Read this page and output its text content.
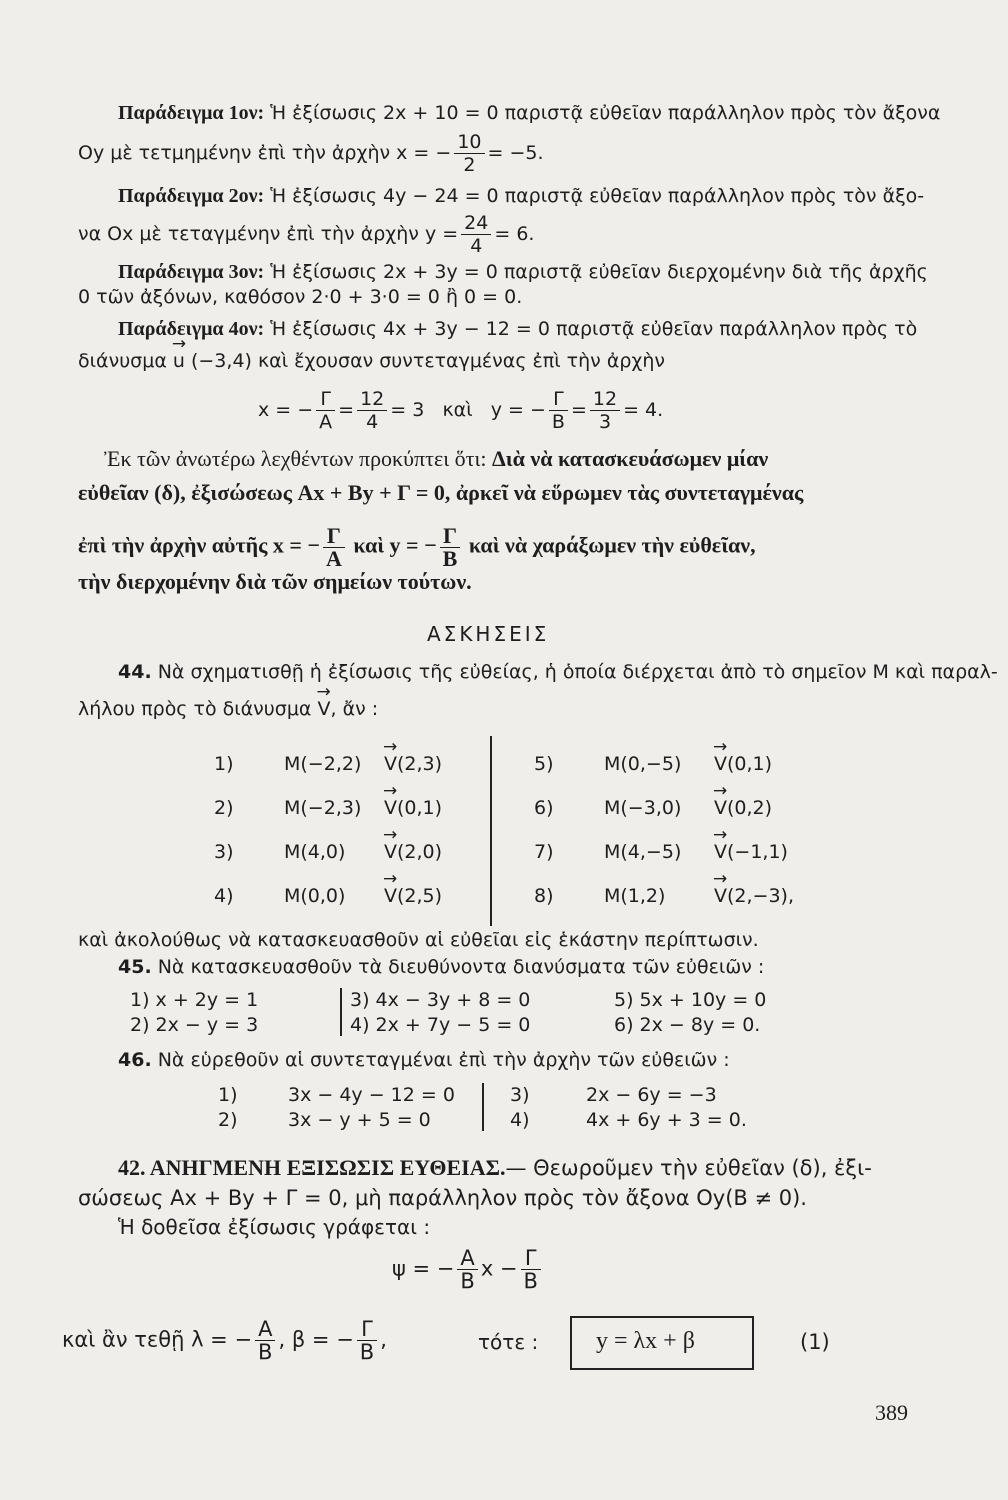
Παράδειγμα 1ον: Ἡ ἐξίσωσις 2x + 10 = 0 παριστᾷ εὐθεῖαν παράλληλον πρὸς τὸν ἄξονα
Oy μὲ τετμημένην ἐπὶ τὴν ἀρχὴν x = − $\frac{10}{2} = -5$.
Παράδειγμα 2ον: Ἡ ἐξίσωσις 4y − 24 = 0 παριστᾷ εὐθεῖαν παράλληλον πρὸς τὸν ἄξο-
να Ox μὲ τεταγμένην ἐπὶ τὴν ἀρχὴν $y = \frac{24}{4} = 6$.
Παράδειγμα 3ον: Ἡ ἐξίσωσις 2x + 3y = 0 παριστᾷ εὐθεῖαν διερχομένην διὰ τῆς ἀρχῆς
0 τῶν ἀξόνων, καθόσον 2·0 + 3·0 = 0 ἢ 0 = 0.
Παράδειγμα 4ον: Ἡ ἐξίσωσις 4x + 3y − 12 = 0 παριστᾷ εὐθεῖαν παράλληλον πρὸς τὸ
διάνυσμα → u (−3,4) καὶ ἔχουσαν συντεταγμένας ἐπὶ τὴν ἀρχὴν
x = − $\frac{\Gamma}{A} = \frac{12}{4} = 3$ καὶ y = − $\frac{\Gamma}{B} = \frac{12}{3} = 4$.
Ἐκ τῶν ἀνωτέρω λεχθέντων προκύπτει ὅτι: Διὰ νὰ κατασκευάσωμεν μίαν
εὐθεῖαν (δ), ἐξισώσεως Ax + By + Γ = 0, ἀρκεῖ νὰ εὕρωμεν τὰς συντεταγμένας
ἐπὶ τὴν ἀρχὴν αὐτῆς x = − $\frac{\Gamma}{A}$ καὶ y = − $\frac{\Gamma}{B}$ καὶ νὰ χαράξωμεν τὴν εὐθεῖαν,
τὴν διερχομένην διὰ τῶν σημείων τούτων.
ΑΣΚΗΣΕΙΣ
44. Νὰ σχηματισθῇ ἡ ἐξίσωσις τῆς εὐθείας, ἡ ὁποία διέρχεται ἀπὸ τὸ σημεῖον M καὶ παραλ-
λήλου πρὸς τὸ διάνυσμα → V, ἄν :
1)	M(−2,2) → V(2,3)
2)	M(−2,3) → V(0,1)
3)	M(4,0) → V(2,0)
4)	M(0,0) → V(2,5)
5)	M(0,−5) → V(0,1)
6)	M(−3,0) → V(0,2)
7)	M(4,−5) → V(−1,1)
8)	M(1,2)	→ V(2,−3),
καὶ ἀκολούθως νὰ κατασκευασθοῦν αἱ εὐθεῖαι εἰς ἑκάστην περίπτωσιν.
45. Νὰ κατασκευασθοῦν τὰ διευθύνοντα διανύσματα τῶν εὐθειῶν :
1) x + 2y = 1	3) 4x − 3y + 8 = 0	5) 5x + 10y = 0
2) 2x − y = 3	4) 2x + 7y − 5 = 0	6) 2x − 8y = 0.
46. Νὰ εὑρεθοῦν αἱ συντεταγμέναι ἐπὶ τὴν ἀρχὴν τῶν εὐθειῶν :
1)	3x − 4y − 12 = 0	3)	2x − 6y = −3
2)	3x − y + 5 = 0	4)	4x + 6y + 3 = 0.
42. ΑΝΗΓΜΕΝΗ ΕΞΙΣΩΣΙΣ ΕΥΘΕΙΑΣ.— Θεωροῦμεν τὴν εὐθεῖαν (δ), ἐξι-
σώσεως Ax + By + Γ = 0, μὴ παράλληλον πρὸς τὸν ἄξονα Oy(B ≠ 0).
Ἡ δοθεῖσα ἐξίσωσις γράφεται :
ψ = − $\frac{A}{B}$ $x - \frac{\Gamma}{B}$
καὶ ἂν τεθῇ λ = − $\frac{A}{B}$ , β = − $\frac{\Gamma}{B}$ ,	τότε : y = λx + β	(1)
389
